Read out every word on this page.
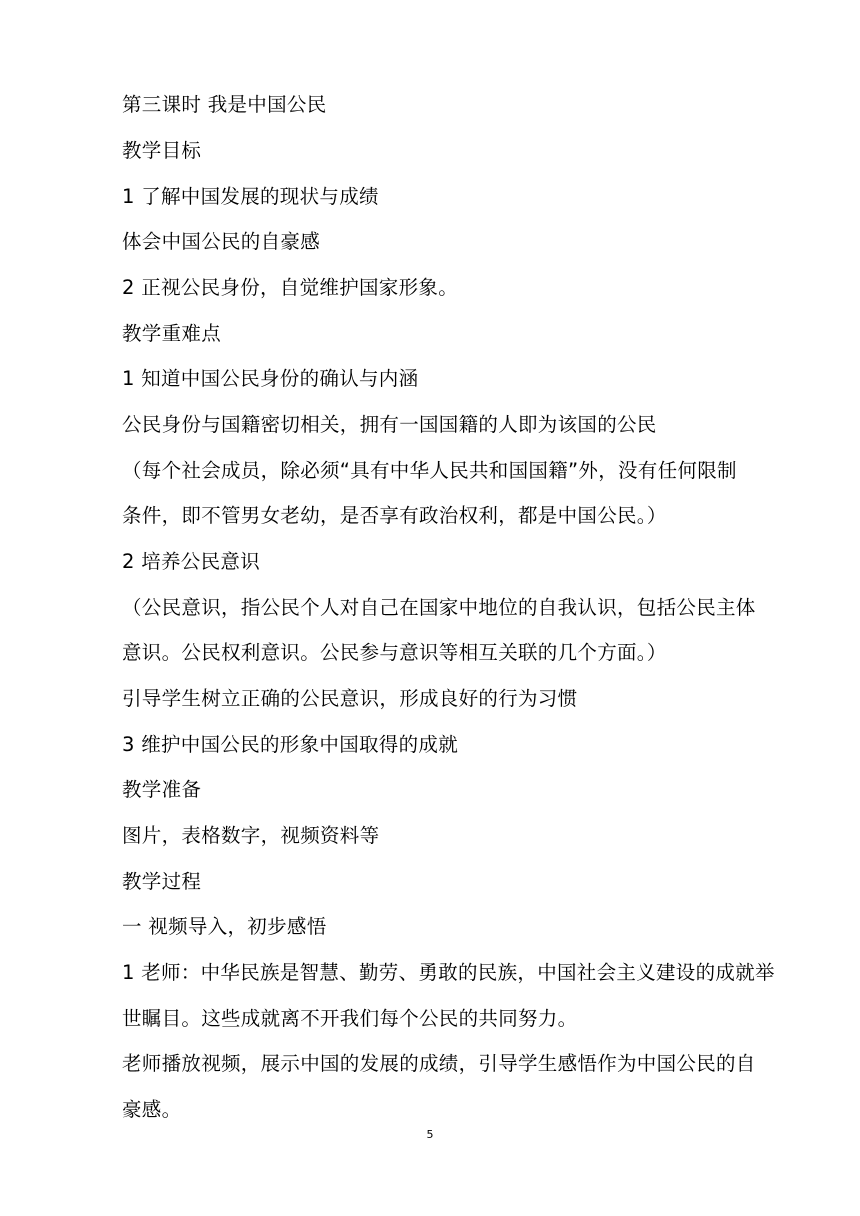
第三课时 我是中国公民
教学目标
1 了解中国发展的现状与成绩
体会中国公民的自豪感
2 正视公民身份，自觉维护国家形象。
教学重难点
1 知道中国公民身份的确认与内涵
公民身份与国籍密切相关，拥有一国国籍的人即为该国的公民
（每个社会成员，除必须“具有中华人民共和国国籍”外，没有任何限制
条件，即不管男女老幼，是否享有政治权利，都是中国公民。）
2 培养公民意识
（公民意识，指公民个人对自己在国家中地位的自我认识，包括公民主体
意识。公民权利意识。公民参与意识等相互关联的几个方面。）
引导学生树立正确的公民意识，形成良好的行为习惯
3 维护中国公民的形象中国取得的成就
教学准备
图片，表格数字，视频资料等
教学过程
一 视频导入，初步感悟
1 老师：中华民族是智慧、勤劳、勇敢的民族，中国社会主义建设的成就举
世瞩目。这些成就离不开我们每个公民的共同努力。
老师播放视频，展示中国的发展的成绩，引导学生感悟作为中国公民的自
豪感。
5
